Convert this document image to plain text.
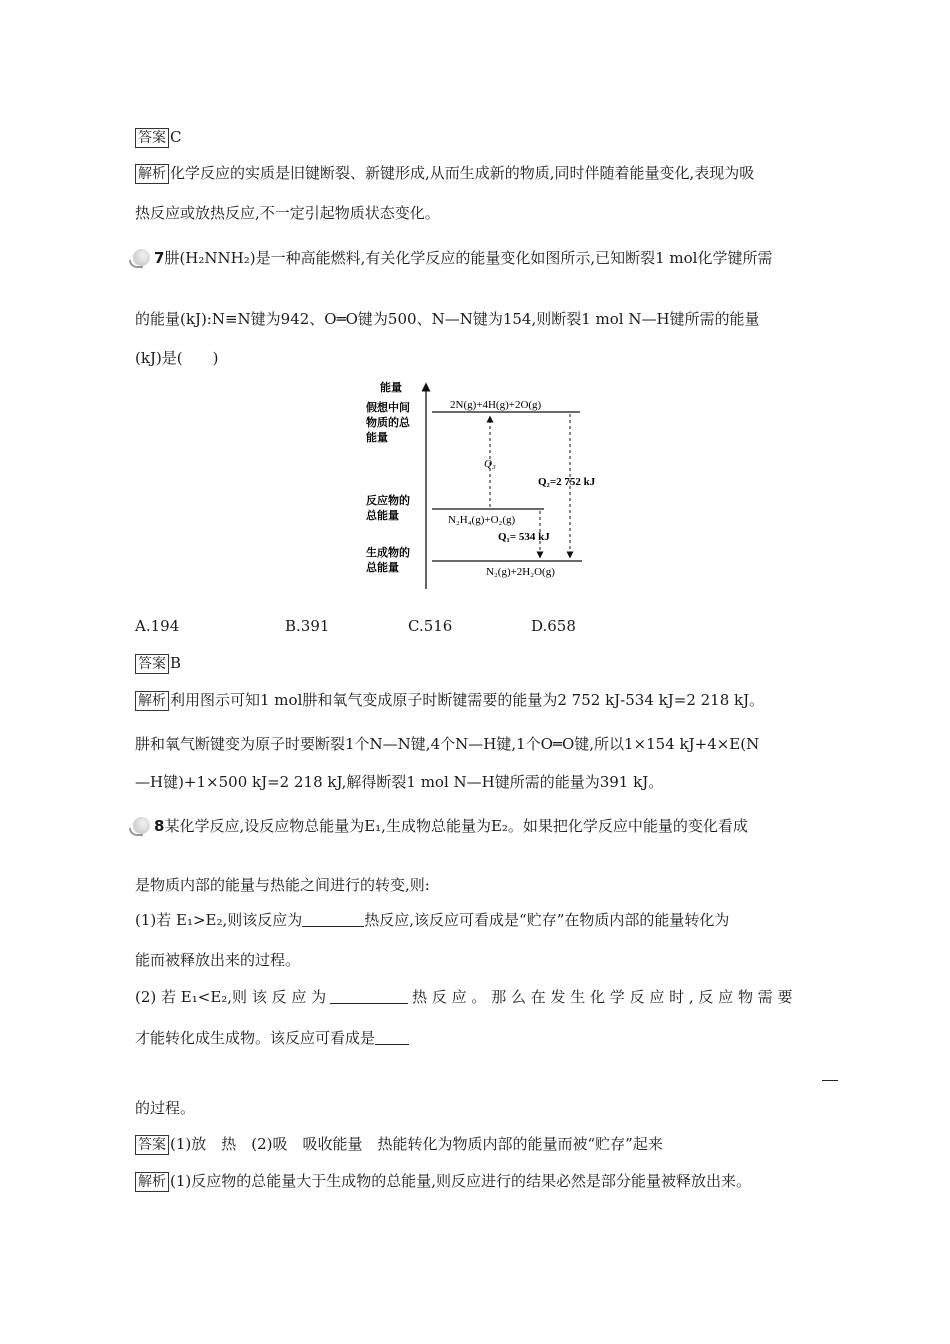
答案 C
解析 化学反应的实质是旧键断裂、新键形成,从而生成新的物质,同时伴随着能量变化,表现为吸
热反应或放热反应,不一定引起物质状态变化。
7肼(H₂NNH₂)是一种高能燃料,有关化学反应的能量变化如图所示,已知断裂1 mol化学键所需
的能量(kJ):N≡N键为942、O═O键为500、N—N键为154,则断裂1 mol N—H键所需的能量
(kJ)是(　　)
能量
假想中间
物质的总
能量
反应物的
总能量
生成物的
总能量
2N(g)+4H(g)+2O(g)
N₂H₄(g)+O₂(g)
N₂(g)+2H₂O(g)
Q₃
Q₂=2 752 kJ
Q₁= 534 kJ
A.194	B.391	C.516	D.658
答案 B
解析 利用图示可知1 mol肼和氧气变成原子时断键需要的能量为2 752 kJ-534 kJ=2 218 kJ。
肼和氧气断键变为原子时要断裂1个N—N键,4个N—H键,1个O═O键,所以1×154 kJ+4×E(N
—H键)+1×500 kJ=2 218 kJ,解得断裂1 mol N—H键所需的能量为391 kJ。
8某化学反应,设反应物总能量为E₁,生成物总能量为E₂。如果把化学反应中能量的变化看成
是物质内部的能量与热能之间进行的转变,则:
(1)若 E₁>E₂,则该反应为	热反应,该反应可看成是“贮存”在物质内部的能量转化为
能而被释放出来的过程。
(2) 若 E₁<E₂,则 该 反 应 为	热 反 应 。 那 么 在 发 生 化 学 反 应 时 , 反 应 物 需 要
才能转化成生成物。该反应可看成是
的过程。
答案 (1)放　热　(2)吸　吸收能量　热能转化为物质内部的能量而被“贮存”起来
解析 (1)反应物的总能量大于生成物的总能量,则反应进行的结果必然是部分能量被释放出来。
